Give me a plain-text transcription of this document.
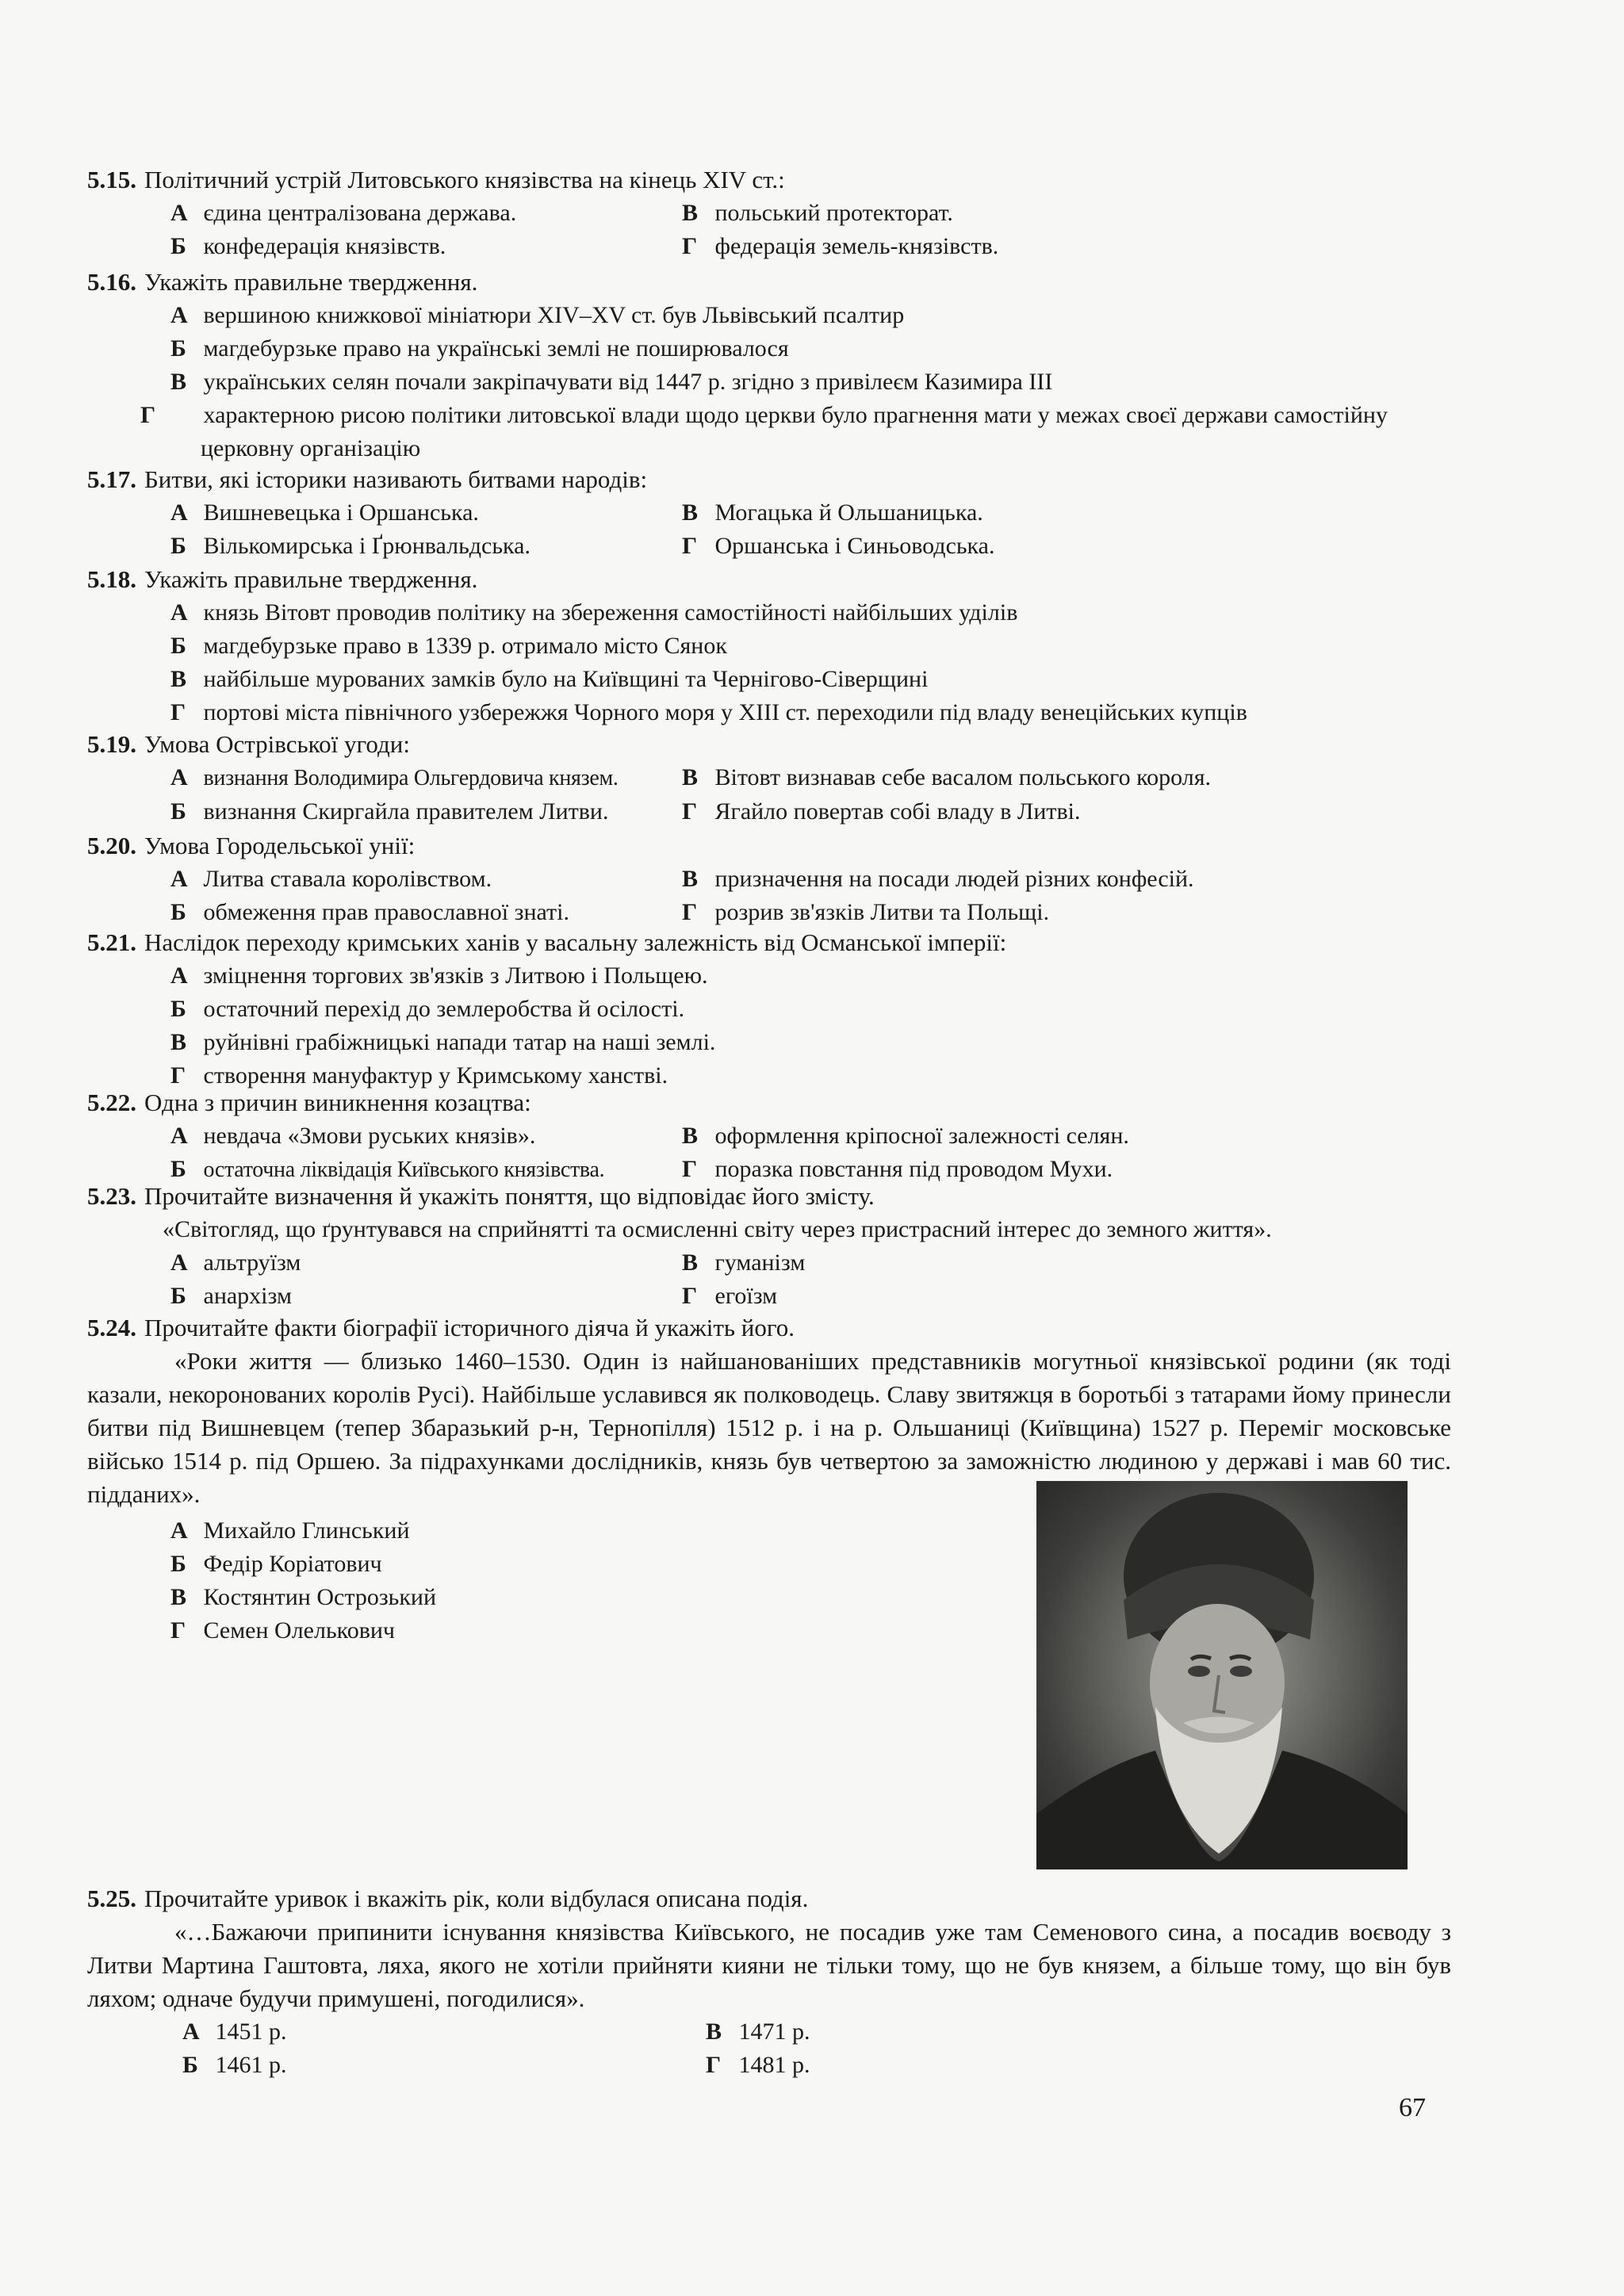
5.15. Політичний устрій Литовського князівства на кінець XIV ст.:
А єдина централізована держава.	В польський протекторат.
Б конфедерація князівств.	Г федерація земель-князівств.
5.16. Укажіть правильне твердження.
А вершиною книжкової мініатюри XIV–XV ст. був Львівський псалтир
Б магдебурзьке право на українські землі не поширювалося
В українських селян почали закріпачувати від 1447 р. згідно з привілеєм Казимира III
Г характерною рисою політики литовської влади щодо церкви було прагнення мати у межах своєї держави самостійну церковну організацію
5.17. Битви, які історики називають битвами народів:
А Вишневецька і Оршанська.	В Могацька й Ольшаницька.
Б Вількомирська і Ґрюнвальдська.	Г Оршанська і Синьоводська.
5.18. Укажіть правильне твердження.
А князь Вітовт проводив політику на збереження самостійності найбільших уділів
Б магдебурзьке право в 1339 р. отримало місто Сянок
В найбільше мурованих замків було на Київщині та Чернігово-Сіверщині
Г портові міста північного узбережжя Чорного моря у XIII ст. переходили під владу венеційських купців
5.19. Умова Острівської угоди:
А визнання Володимира Ольгердовича князем.	В Вітовт визнавав себе васалом польського короля.
Б визнання Скиргайла правителем Литви.	Г Ягайло повертав собі владу в Литві.
5.20. Умова Городельської унії:
А Литва ставала королівством.	В призначення на посади людей різних конфесій.
Б обмеження прав православної знаті.	Г розрив зв'язків Литви та Польщі.
5.21. Наслідок переходу кримських ханів у васальну залежність від Османської імперії:
А зміцнення торгових зв'язків з Литвою і Польщею.
Б остаточний перехід до землеробства й осілості.
В руйнівні грабіжницькі напади татар на наші землі.
Г створення мануфактур у Кримському ханстві.
5.22. Одна з причин виникнення козацтва:
А невдача «Змови руських князів».	В оформлення кріпосної залежності селян.
Б остаточна ліквідація Київського князівства.	Г поразка повстання під проводом Мухи.
5.23. Прочитайте визначення й укажіть поняття, що відповідає його змісту.
«Світогляд, що ґрунтувався на сприйнятті та осмисленні світу через пристрасний інтерес до земного життя».
А альтруїзм	В гуманізм
Б анархізм	Г егоїзм
5.24. Прочитайте факти біографії історичного діяча й укажіть його.
«Роки життя — близько 1460–1530. Один із найшанованіших представників могутньої князівської родини (як тоді казали, некоронованих королів Русі). Найбільше уславився як полководець. Славу звитяжця в боротьбі з татарами йому принесли битви під Вишневцем (тепер Збаразький р-н, Тернопілля) 1512 р. і на р. Ольшаниці (Київщина) 1527 р. Переміг московське військо 1514 р. під Оршею. За підрахунками дослідників, князь був четвертою за заможністю людиною у державі і мав 60 тис. підданих».
А Михайло Глинський
Б Федір Коріатович
В Костянтин Острозький
Г Семен Олелькович
5.25. Прочитайте уривок і вкажіть рік, коли відбулася описана подія.
«…Бажаючи припинити існування князівства Київського, не посадив уже там Семенового сина, а посадив воєводу з Литви Мартина Гаштовта, ляха, якого не хотіли прийняти кияни не тільки тому, що не був князем, а більше тому, що він був ляхом; одначе будучи примушені, погодилися».
А 1451 р.	В 1471 р.
Б 1461 р.	Г 1481 р.
67
